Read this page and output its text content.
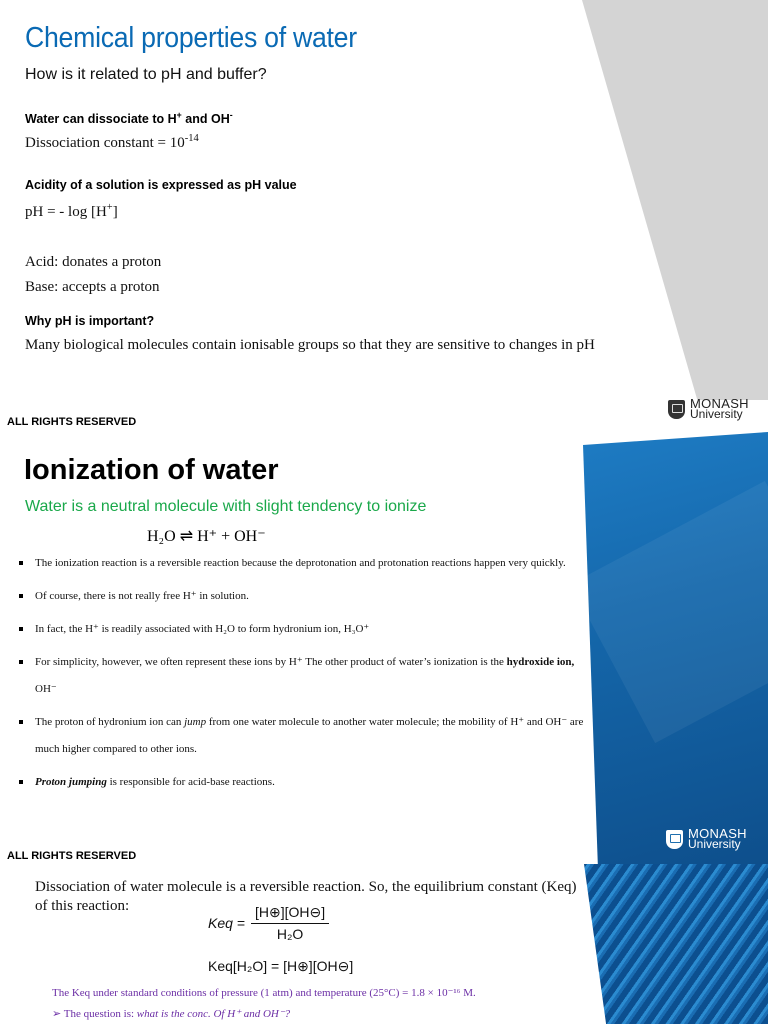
Chemical properties of water
How is it related to pH and buffer?
Water can dissociate to H+ and OH-
Dissociation constant = $10^{-14}$
Acidity of a solution is expressed as pH value
pH = - log [H+]
Acid: donates a proton
Base: accepts a proton
Why pH is important?
Many biological molecules contain ionisable groups so that they are sensitive to changes in pH
MONASH
University
ALL RIGHTS RESERVED
Ionization of water
Water is a neutral molecule with slight tendency to ionize
H₂O ⇌ H⁺ + OH⁻
The ionization reaction is a reversible reaction because the deprotonation and protonation reactions happen very quickly.
Of course, there is not really free H⁺ in solution.
In fact, the H⁺ is readily associated with H₂O to form hydronium ion, H₃O⁺
For simplicity, however, we often represent these ions by H⁺ The other product of water’s ionization is the hydroxide ion, OH⁻
The proton of hydronium ion can jump from one water molecule to another water molecule; the mobility of H⁺ and OH⁻ are much higher compared to other ions.
Proton jumping is responsible for acid-base reactions.
MONASH
University
ALL RIGHTS RESERVED
Dissociation of water molecule is a reversible reaction. So, the equilibrium constant (Keq) of this reaction:
Keq = $\frac{[H\oplus][OH⊖]}{\text{H₂O}}$
Keq[H₂O] = [H⊕][OH⊖]
The Keq under standard conditions of pressure (1 atm) and temperature (25°C) = 1.8 × 10⁻¹⁶ M.
➢ The question is: what is the conc. Of H⁺ and OH⁻?
